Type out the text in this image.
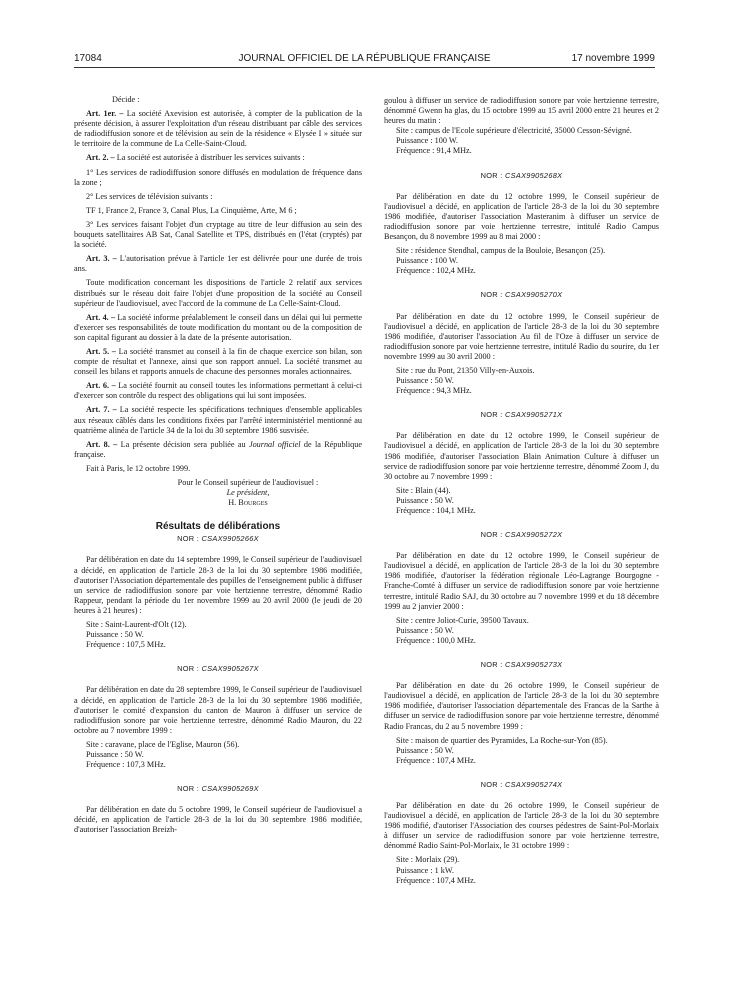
17084	JOURNAL OFFICIEL DE LA RÉPUBLIQUE FRANÇAISE	17 novembre 1999

Décide :

Art. 1er. – La société Axevision est autorisée, à compter de la publication de la présente décision, à assurer l'exploitation d'un réseau distribuant par câble des services de radiodiffusion sonore et de télévision au sein de la résidence « Elysée I » située sur le territoire de la commune de La Celle-Saint-Cloud.

Art. 2. – La société est autorisée à distribuer les services suivants :

1° Les services de radiodiffusion sonore diffusés en modulation de fréquence dans la zone ;

2° Les services de télévision suivants :

TF 1, France 2, France 3, Canal Plus, La Cinquième, Arte, M 6 ;

3° Les services faisant l'objet d'un cryptage au titre de leur diffusion au sein des bouquets satellitaires AB Sat, Canal Satellite et TPS, distribués en (l'état (cryptés) par la société.

Art. 3. – L'autorisation prévue à l'article 1er est délivrée pour une durée de trois ans.

Toute modification concernant les dispositions de l'article 2 relatif aux services distribués sur le réseau doit faire l'objet d'une proposition de la société au Conseil supérieur de l'audiovisuel, avec l'accord de la commune de La Celle-Saint-Cloud.

Art. 4. – La société informe préalablement le conseil dans un délai qui lui permette d'exercer ses responsabilités de toute modification du montant ou de la composition de son capital figurant au dossier à la date de la présente autorisation.

Art. 5. – La société transmet au conseil à la fin de chaque exercice son bilan, son compte de résultat et l'annexe, ainsi que son rapport annuel. La société transmet au conseil les bilans et rapports annuels de chacune des personnes morales actionnaires.

Art. 6. – La société fournit au conseil toutes les informations permettant à celui-ci d'exercer son contrôle du respect des obligations qui lui sont imposées.

Art. 7. – La société respecte les spécifications techniques d'ensemble applicables aux réseaux câblés dans les conditions fixées par l'arrêté interministériel mentionné au quatrième alinéa de l'article 34 de la loi du 30 septembre 1986 susvisée.

Art. 8. – La présente décision sera publiée au Journal officiel de la République française.

Fait à Paris, le 12 octobre 1999.

Pour le Conseil supérieur de l'audiovisuel :

Le président,

H. Bourges

Résultats de délibérations

NOR : CSAX9905266X

Par délibération en date du 14 septembre 1999, le Conseil supérieur de l'audiovisuel a décidé, en application de l'article 28-3 de la loi du 30 septembre 1986 modifiée, d'autoriser l'Association départementale des pupilles de l'enseignement public à diffuser un service de radiodiffusion sonore par voie hertzienne terrestre, dénommé Radio Rappeur, pendant la période du 1er novembre 1999 au 20 avril 2000 (le jeudi de 20 heures à 21 heures) :

Site : Saint-Laurent-d'Olt (12).

Puissance : 50 W.

Fréquence : 107,5 MHz.

NOR : CSAX9905267X

Par délibération en date du 28 septembre 1999, le Conseil supérieur de l'audiovisuel a décidé, en application de l'article 28-3 de la loi du 30 septembre 1986 modifiée, d'autoriser le comité d'expansion du canton de Mauron à diffuser un service de radiodiffusion sonore par voie hertzienne terrestre, dénommé Radio Mauron, du 22 octobre au 7 novembre 1999 :

Site : caravane, place de l'Eglise, Mauron (56).

Puissance : 50 W.

Fréquence : 107,3 MHz.

NOR : CSAX9905269X

Par délibération en date du 5 octobre 1999, le Conseil supérieur de l'audiovisuel a décidé, en application de l'article 28-3 de la loi du 30 septembre 1986 modifiée, d'autoriser l'association Breizh-

goulou à diffuser un service de radiodiffusion sonore par voie hertzienne terrestre, dénommé Gwenn ha glas, du 15 octobre 1999 au 15 avril 2000 entre 21 heures et 2 heures du matin :

Site : campus de l'Ecole supérieure d'électricité, 35000 Cesson-Sévigné.

Puissance : 100 W.

Fréquence : 91,4 MHz.

NOR : CSAX9905268X

Par délibération en date du 12 octobre 1999, le Conseil supérieur de l'audiovisuel a décidé, en application de l'article 28-3 de la loi du 30 septembre 1986 modifiée, d'autoriser l'association Masteranim à diffuser un service de radiodiffusion sonore par voie hertzienne terrestre, intitulé Radio Campus Besançon, du 8 novembre 1999 au 8 mai 2000 :

Site : résidence Stendhal, campus de la Bouloie, Besançon (25).

Puissance : 100 W.

Fréquence : 102,4 MHz.

NOR : CSAX9905270X

Par délibération en date du 12 octobre 1999, le Conseil supérieur de l'audiovisuel a décidé, en application de l'article 28-3 de la loi du 30 septembre 1986 modifiée, d'autoriser l'association Au fil de l'Oze à diffuser un service de radiodiffusion sonore par voie hertzienne terrestre, intitulé Radio du sourire, du 1er novembre 1999 au 30 avril 2000 :

Site : rue du Pont, 21350 Villy-en-Auxois.

Puissance : 50 W.

Fréquence : 94,3 MHz.

NOR : CSAX9905271X

Par délibération en date du 12 octobre 1999, le Conseil supérieur de l'audiovisuel a décidé, en application de l'article 28-3 de la loi du 30 septembre 1986 modifiée, d'autoriser l'association Blain Animation Culture à diffuser un service de radiodiffusion sonore par voie hertzienne terrestre, dénommé Zoom J, du 30 octobre au 7 novembre 1999 :

Site : Blain (44).

Puissance : 50 W.

Fréquence : 104,1 MHz.

NOR : CSAX9905272X

Par délibération en date du 12 octobre 1999, le Conseil supérieur de l'audiovisuel a décidé, en application de l'article 28-3 de la loi du 30 septembre 1986 modifiée, d'autoriser la fédération régionale Léo-Lagrange Bourgogne - Franche-Comté à diffuser un service de radiodiffusion sonore par voie hertzienne terrestre, intitulé Radio SAJ, du 30 octobre au 7 novembre 1999 et du 18 décembre 1999 au 2 janvier 2000 :

Site : centre Joliot-Curie, 39500 Tavaux.

Puissance : 50 W.

Fréquence : 100,0 MHz.

NOR : CSAX9905273X

Par délibération en date du 26 octobre 1999, le Conseil supérieur de l'audiovisuel a décidé, en application de l'article 28-3 de la loi du 30 septembre 1986 modifiée, d'autoriser l'association départementale des Francas de la Sarthe à diffuser un service de radiodiffusion sonore par voie hertzienne terrestre, dénommé Radio Francas, du 2 au 5 novembre 1999 :

Site : maison de quartier des Pyramides, La Roche-sur-Yon (85).

Puissance : 50 W.

Fréquence : 107,4 MHz.

NOR : CSAX9905274X

Par délibération en date du 26 octobre 1999, le Conseil supérieur de l'audiovisuel a décidé, en application de l'article 28-3 de la loi du 30 septembre 1986 modifié, d'autoriser l'Association des courses pédestres de Saint-Pol-Morlaix à diffuser un service de radiodiffusion sonore par voie hertzienne terrestre, dénommé Radio Saint-Pol-Morlaix, le 31 octobre 1999 :

Site : Morlaix (29).

Puissance : 1 kW.

Fréquence : 107,4 MHz.
